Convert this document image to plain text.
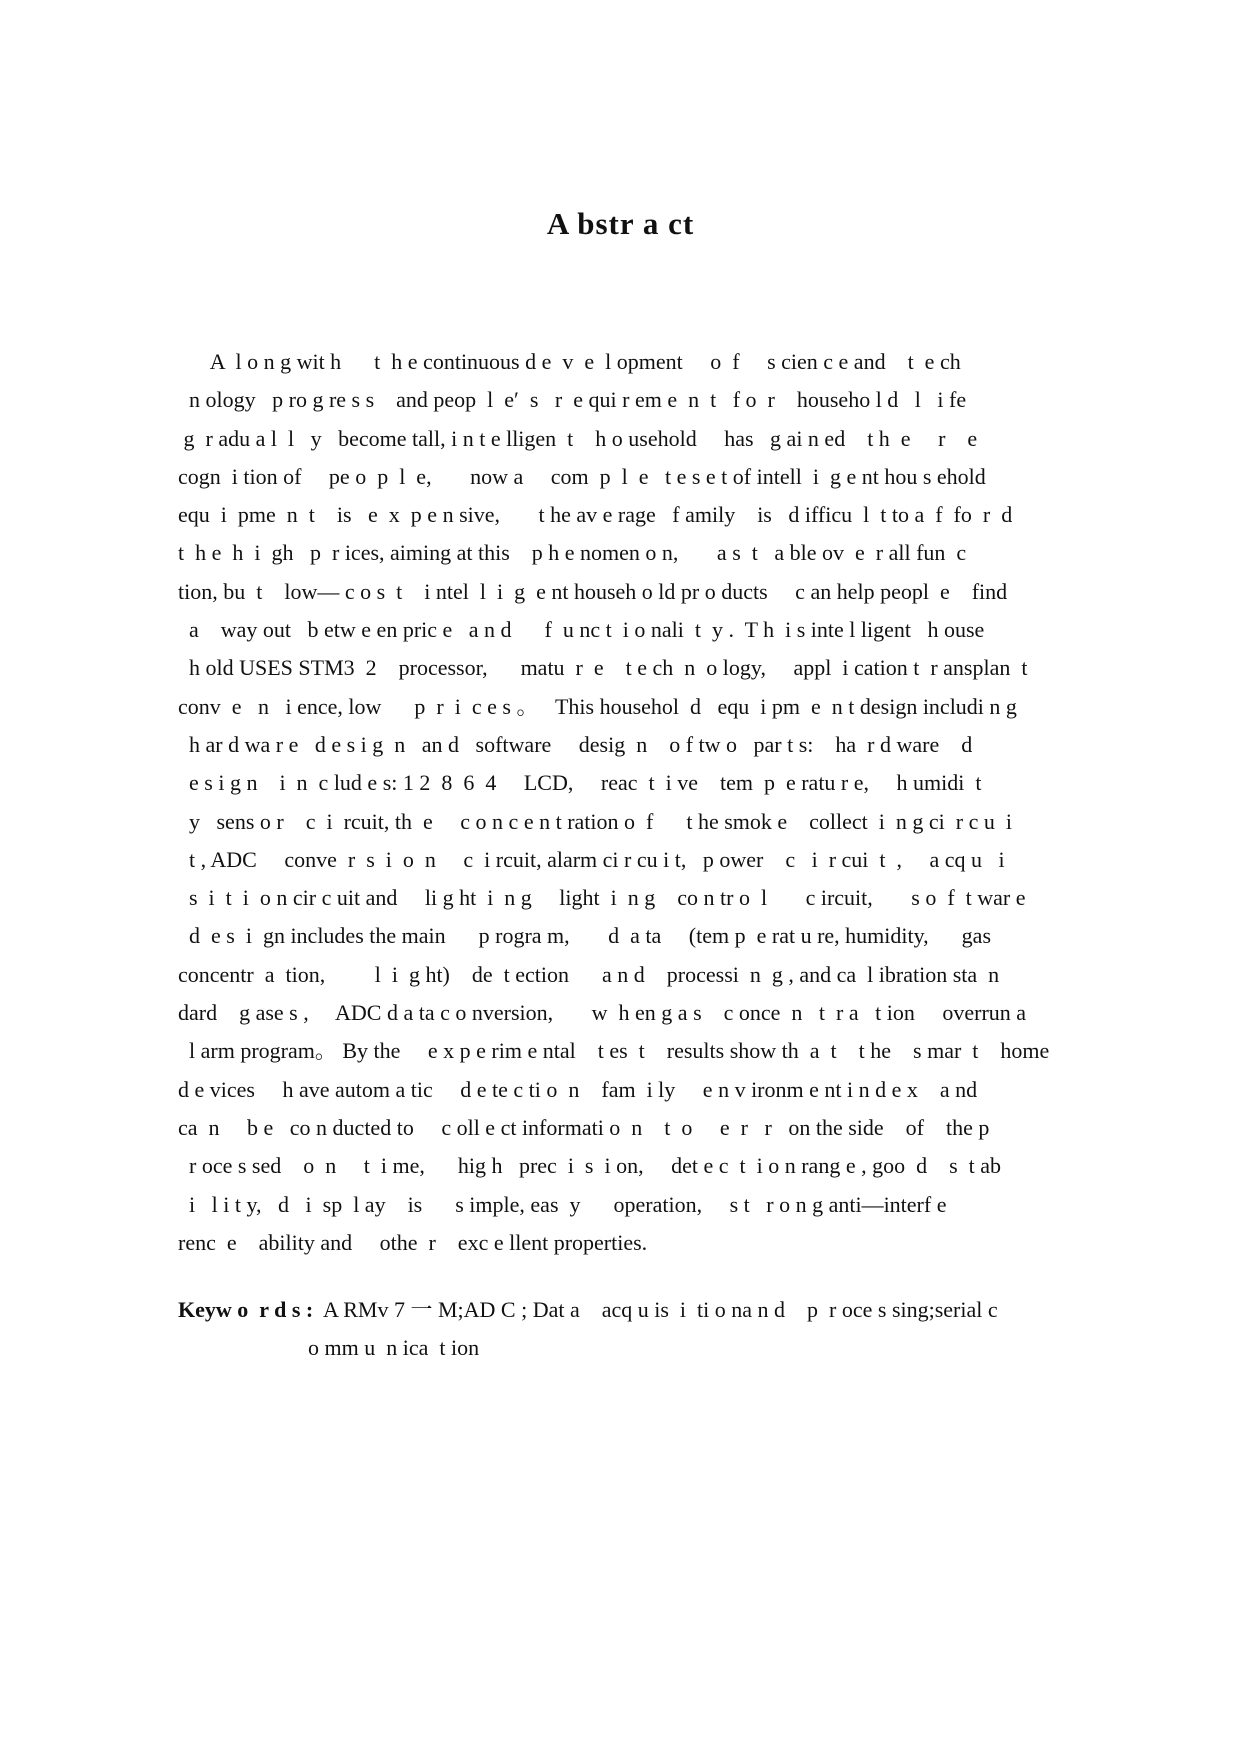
A bstr a ct
A  l o n g wit h      t  h e continuous d e  v  e  l opment     o  f     s cien c e and    t  e ch
n ology   p ro g re s s    and peop  l  e′  s   r  e qui r em e  n  t   f o  r    househo l d   l   i fe
g  r adu a l  l   y   become tall, i n t e lligen  t    h o usehold     has   g ai n ed    t h  e     r    e
cogn  i tion of     pe o  p  l  e,       now a     com  p  l  e   t e s e t of intell  i  g e nt hou s ehold
equ  i  pme  n  t    is   e  x  p e n sive,       t he av e rage   f amily    is   d ifficu  l  t to a  f  fo  r  d
t  h e  h  i  gh   p  r ices, aiming at this    p h e nomen o n,       a s  t   a ble ov  e  r all fun  c
tion, bu  t    low— c o s  t    i ntel  l  i  g  e nt househ o ld pr o ducts     c an help peopl  e    find
a    way out   b etw e en pric e   a n d      f  u nc t  i o nali  t  y .  T h  i s inte l ligent   h ouse
h old USES STM3  2    processor,      matu  r  e    t e ch  n  o logy,     appl  i cation t  r ansplan  t
conv  e   n   i ence, low      p  r  i  c e s 。   This househol  d   equ  i pm  e  n t design includi n g
h ar d wa r e   d e s i g  n   an d   software     desig  n    o f tw o   par t s:    ha  r d ware    d
e s i g n    i  n  c lud e s: 1 2  8  6  4     LCD,     reac  t  i ve    tem  p  e ratu r e,     h umidi  t
y   sens o r    c  i  rcuit, th  e     c o n c e n t ration o  f      t he smok e    collect  i  n g ci  r c u  i
t , ADC     conve  r  s  i  o  n     c  i rcuit, alarm ci r cu i t,   p ower    c   i  r cui  t  ,     a cq u   i
s  i  t  i  o n cir c uit and     li g ht  i  n g     light  i  n g    co n tr o  l       c ircuit,       s o  f  t war e
d  e s  i  gn includes the main      p rogra m,       d  a ta     (tem p  e rat u re, humidity,      gas
concentr  a  tion,         l  i  g ht)    de  t ection      a n d    processi  n  g , and ca  l ibration sta  n
dard    g ase s ,     ADC d a ta c o nversion,       w  h en g a s    c once  n   t  r a   t ion     overrun a
l arm program。 By the     e x p e rim e ntal    t es  t    results show th  a  t    t he    s mar  t    home
d e vices     h ave autom a tic     d e te c ti o  n    fam  i ly     e n v ironm e nt i n d e x    a nd
ca  n     b e   co n ducted to     c oll e ct informati o  n    t  o     e  r   r   on the side    of    the p
r oce s sed    o  n     t  i me,      hig h   prec  i  s  i on,     det e c  t  i o n rang e , goo  d    s  t ab
i   l i t y,   d   i  sp  l ay    is      s imple, eas  y      operation,     s t   r o n g anti—interf e
renc  e    ability and     othe  r    exc e llent properties.
Keyw o  r d s :  A RMv 7 一 M;AD C ; Dat a    acq u is  i  ti o na n d    p  r oce s sing;serial c
o mm u  n ica  t ion
